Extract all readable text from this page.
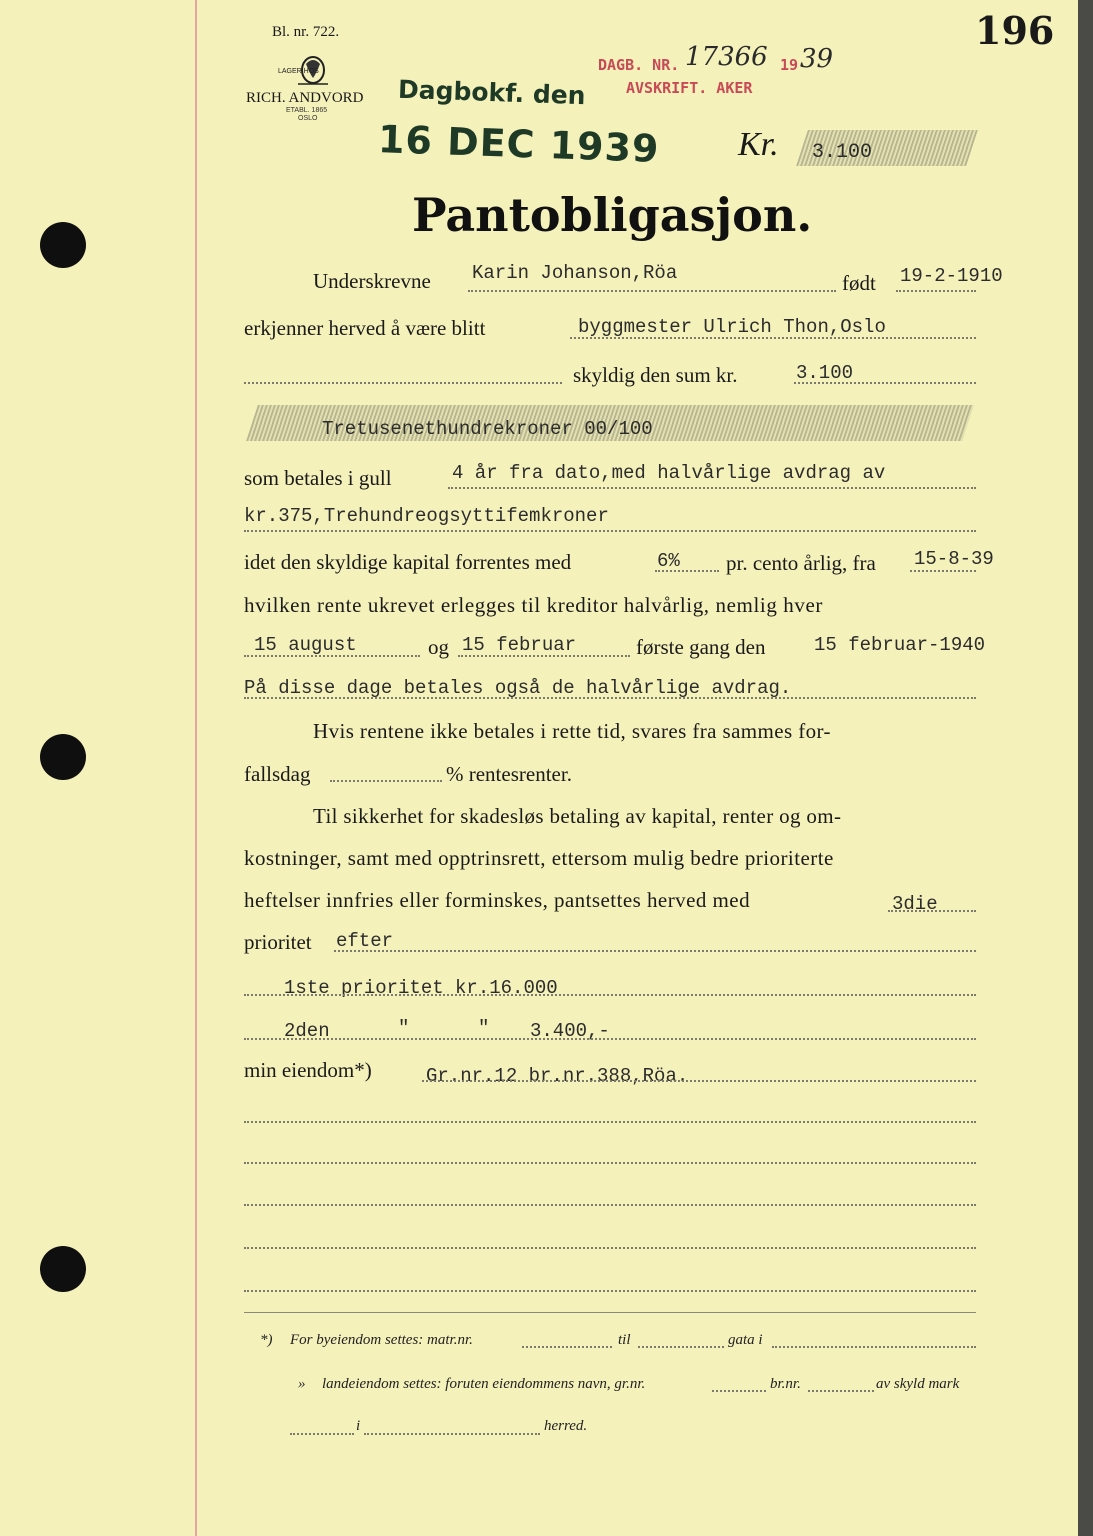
Bl. nr. 722.
LAGER HOS
RICH. ANDVORD
ETABL. 1865
OSLO
Dagbokf. den
16 DEC 1939
DAGB. NR. 17366 19 39
AVSKRIFT. AKER
196
Kr. 3.100
Pantobligasjon.
Underskrevne Karin Johanson,Röa	født 19-2-1910
erkjenner herved å være blitt	byggmester Ulrich Thon,Oslo
skyldig den sum kr.	3.100
Tretusenethundrekroner 00/100
som betales i gull	4 år fra dato,med halvårlige avdrag av
kr.375,Trehundreogsyttifemkroner
idet den skyldige kapital forrentes med	6% pr. cento årlig, fra 15-8-39
hvilken rente ukrevet erlegges til kreditor halvårlig, nemlig hver
15 august	og 15 februar	første gang den	15 februar-1940
På disse dage betales også de halvårlige avdrag.
Hvis rentene ikke betales i rette tid, svares fra sammes for-
fallsdag	% rentesrenter.
Til sikkerhet for skadesløs betaling av kapital, renter og om-
kostninger, samt med opptrinsrett, ettersom mulig bedre prioriterte
heftelser innfries eller forminskes, pantsettes herved med	3die
prioritet efter
1ste prioritet kr.16.000
2den	"	" 3.400,-
min eiendom*)	Gr.nr.12 br.nr.388,Röa.
*) For byeiendom settes: matr.nr.	til	gata i
» landeiendom settes: foruten eiendommens navn, gr.nr.	br.nr.	av skyld mark
i	herred.
